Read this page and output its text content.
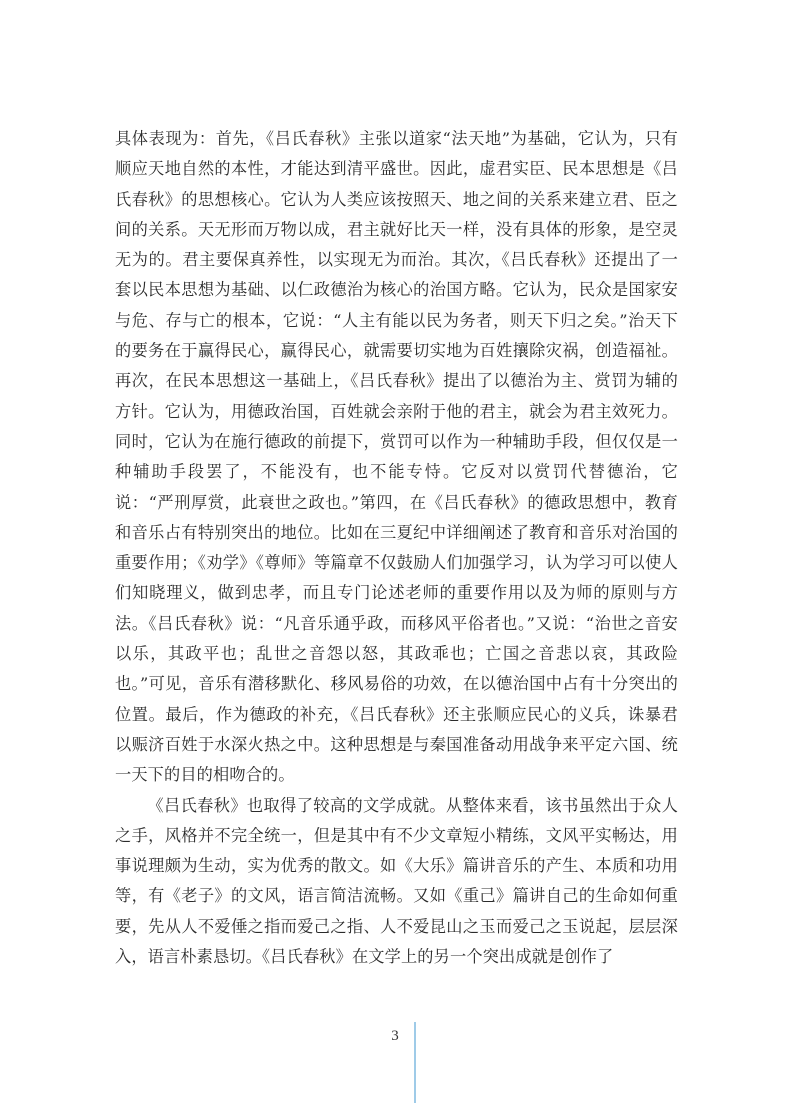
具体表现为：首先，《吕氏春秋》主张以道家“法天地”为基础，它认为，只有顺应天地自然的本性，才能达到清平盛世。因此，虚君实臣、民本思想是《吕氏春秋》的思想核心。它认为人类应该按照天、地之间的关系来建立君、臣之间的关系。天无形而万物以成，君主就好比天一样，没有具体的形象，是空灵无为的。君主要保真养性，以实现无为而治。其次，《吕氏春秋》还提出了一套以民本思想为基础、以仁政德治为核心的治国方略。它认为，民众是国家安与危、存与亡的根本，它说：“人主有能以民为务者，则天下归之矣。”治天下的要务在于赢得民心，赢得民心，就需要切实地为百姓攘除灾祸，创造福祉。再次，在民本思想这一基础上，《吕氏春秋》提出了以德治为主、赏罚为辅的方针。它认为，用德政治国，百姓就会亲附于他的君主，就会为君主效死力。同时，它认为在施行德政的前提下，赏罚可以作为一种辅助手段，但仅仅是一种辅助手段罢了，不能没有，也不能专恃。它反对以赏罚代替德治，它说：“严刑厚赏，此衰世之政也。”第四，在《吕氏春秋》的德政思想中，教育和音乐占有特别突出的地位。比如在三夏纪中详细阐述了教育和音乐对治国的重要作用；《劝学》《尊师》等篇章不仅鼓励人们加强学习，认为学习可以使人们知晓理义，做到忠孝，而且专门论述老师的重要作用以及为师的原则与方法。《吕氏春秋》说：“凡音乐通乎政，而移风平俗者也。”又说：“治世之音安以乐，其政平也；乱世之音怨以怒，其政乖也；亡国之音悲以哀，其政险也。”可见，音乐有潜移默化、移风易俗的功效，在以德治国中占有十分突出的位置。最后，作为德政的补充，《吕氏春秋》还主张顺应民心的义兵，诛暴君以赈济百姓于水深火热之中。这种思想是与秦国准备动用战争来平定六国、统一天下的目的相吻合的。

《吕氏春秋》也取得了较高的文学成就。从整体来看，该书虽然出于众人之手，风格并不完全统一，但是其中有不少文章短小精练，文风平实畅达，用事说理颇为生动，实为优秀的散文。如《大乐》篇讲音乐的产生、本质和功用等，有《老子》的文风，语言简洁流畅。又如《重己》篇讲自己的生命如何重要，先从人不爱倕之指而爱己之指、人不爱昆山之玉而爱己之玉说起，层层深入，语言朴素恳切。《吕氏春秋》在文学上的另一个突出成就是创作了

3
